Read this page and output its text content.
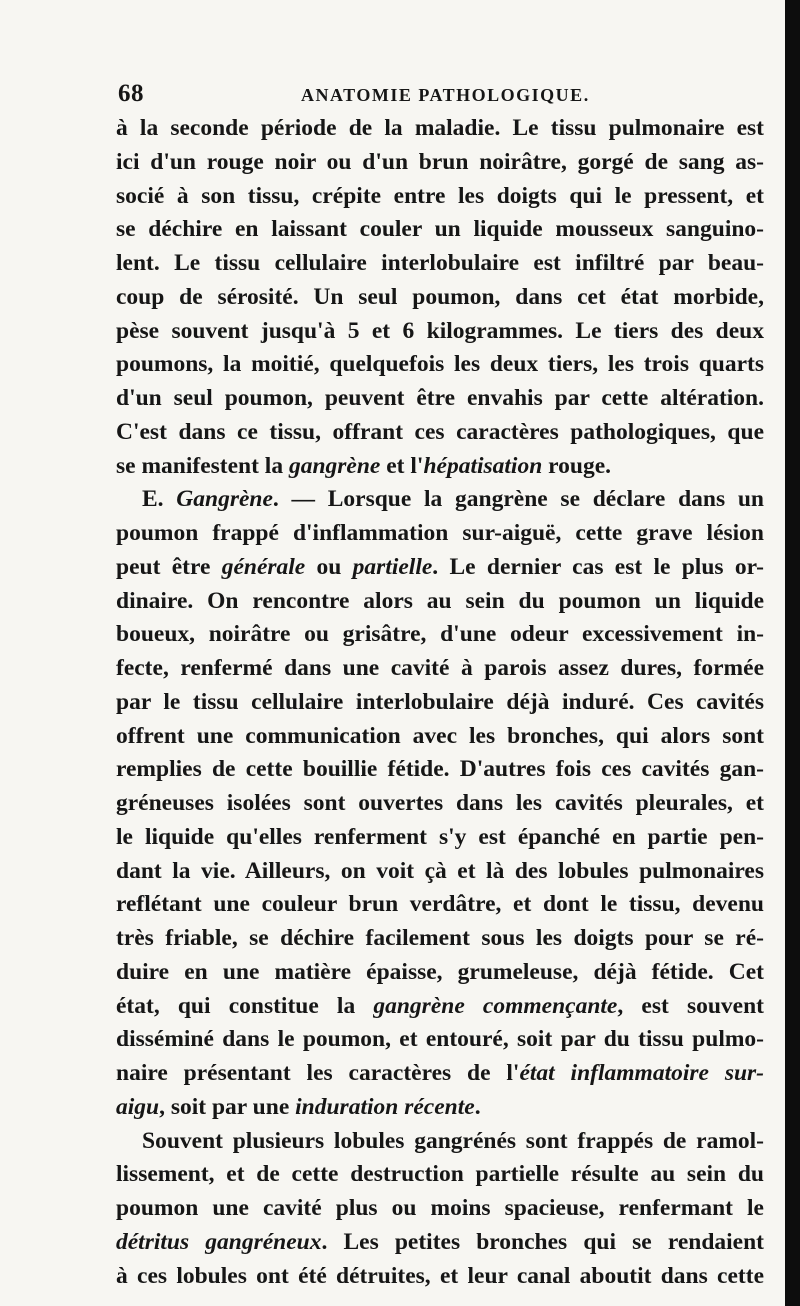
68	ANATOMIE PATHOLOGIQUE.
à la seconde période de la maladie. Le tissu pulmonaire est
ici d'un rouge noir ou d'un brun noirâtre, gorgé de sang as-
socié à son tissu, crépite entre les doigts qui le pressent, et
se déchire en laissant couler un liquide mousseux sanguino-
lent. Le tissu cellulaire interlobulaire est infiltré par beau-
coup de sérosité. Un seul poumon, dans cet état morbide,
pèse souvent jusqu'à 5 et 6 kilogrammes. Le tiers des deux
poumons, la moitié, quelquefois les deux tiers, les trois quarts
d'un seul poumon, peuvent être envahis par cette altération.
C'est dans ce tissu, offrant ces caractères pathologiques, que
se manifestent la gangrène et l'hépatisation rouge.
E. Gangrène. — Lorsque la gangrène se déclare dans un
poumon frappé d'inflammation sur-aiguë, cette grave lésion
peut être générale ou partielle. Le dernier cas est le plus or-
dinaire. On rencontre alors au sein du poumon un liquide
boueux, noirâtre ou grisâtre, d'une odeur excessivement in-
fecte, renfermé dans une cavité à parois assez dures, formée
par le tissu cellulaire interlobulaire déjà induré. Ces cavités
offrent une communication avec les bronches, qui alors sont
remplies de cette bouillie fétide. D'autres fois ces cavités gan-
gréneuses isolées sont ouvertes dans les cavités pleurales, et
le liquide qu'elles renferment s'y est épanché en partie pen-
dant la vie. Ailleurs, on voit çà et là des lobules pulmonaires
reflétant une couleur brun verdâtre, et dont le tissu, devenu
très friable, se déchire facilement sous les doigts pour se ré-
duire en une matière épaisse, grumeleuse, déjà fétide. Cet
état, qui constitue la gangrène commençante, est souvent
disséminé dans le poumon, et entouré, soit par du tissu pulmo-
naire présentant les caractères de l'état inflammatoire sur-
aigu, soit par une induration récente.
Souvent plusieurs lobules gangrénés sont frappés de ramol-
lissement, et de cette destruction partielle résulte au sein du
poumon une cavité plus ou moins spacieuse, renfermant le
détritus gangréneux. Les petites bronches qui se rendaient
à ces lobules ont été détruites, et leur canal aboutit dans cette
